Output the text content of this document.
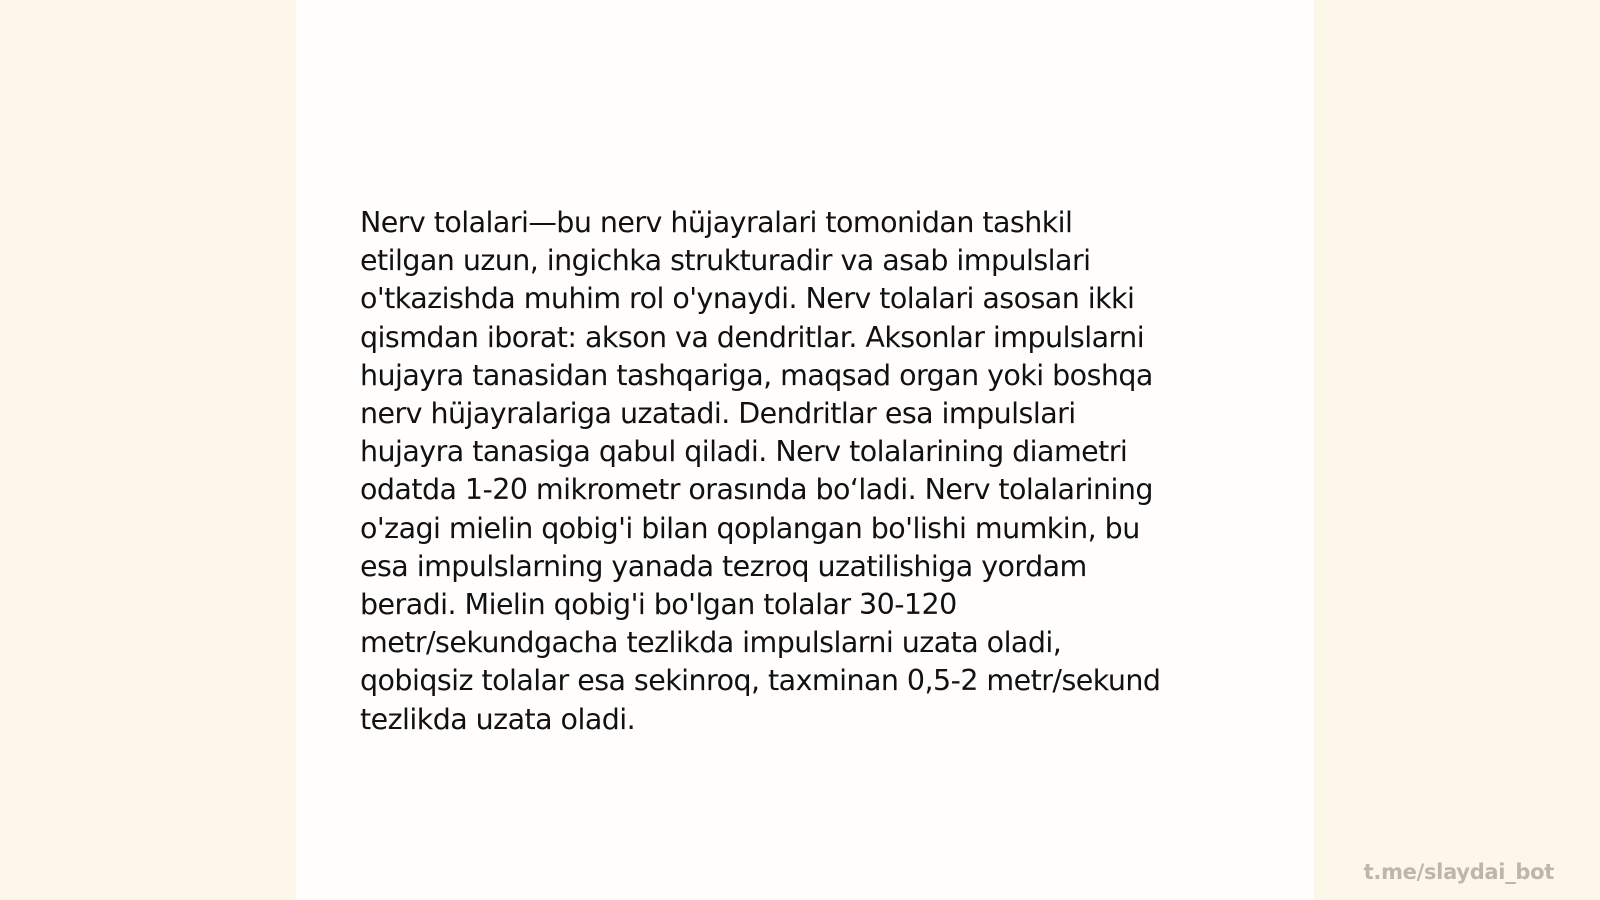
Nerv tolalari—bu nerv hüjayralari tomonidan tashkil
etilgan uzun, ingichka strukturadir va asab impulslari
o'tkazishda muhim rol o'ynaydi. Nerv tolalari asosan ikki
qismdan iborat: akson va dendritlar. Aksonlar impulslarni
hujayra tanasidan tashqariga, maqsad organ yoki boshqa
nerv hüjayralariga uzatadi. Dendritlar esa impulslari
hujayra tanasiga qabul qiladi. Nerv tolalarining diametri
odatda 1-20 mikrometr orasında bo‘ladi. Nerv tolalarining
o'zagi mielin qobig'i bilan qoplangan bo'lishi mumkin, bu
esa impulslarning yanada tezroq uzatilishiga yordam
beradi. Mielin qobig'i bo'lgan tolalar 30-120
metr/sekundgacha tezlikda impulslarni uzata oladi,
qobiqsiz tolalar esa sekinroq, taxminan 0,5-2 metr/sekund
tezlikda uzata oladi.

t.me/slaydai_bot
